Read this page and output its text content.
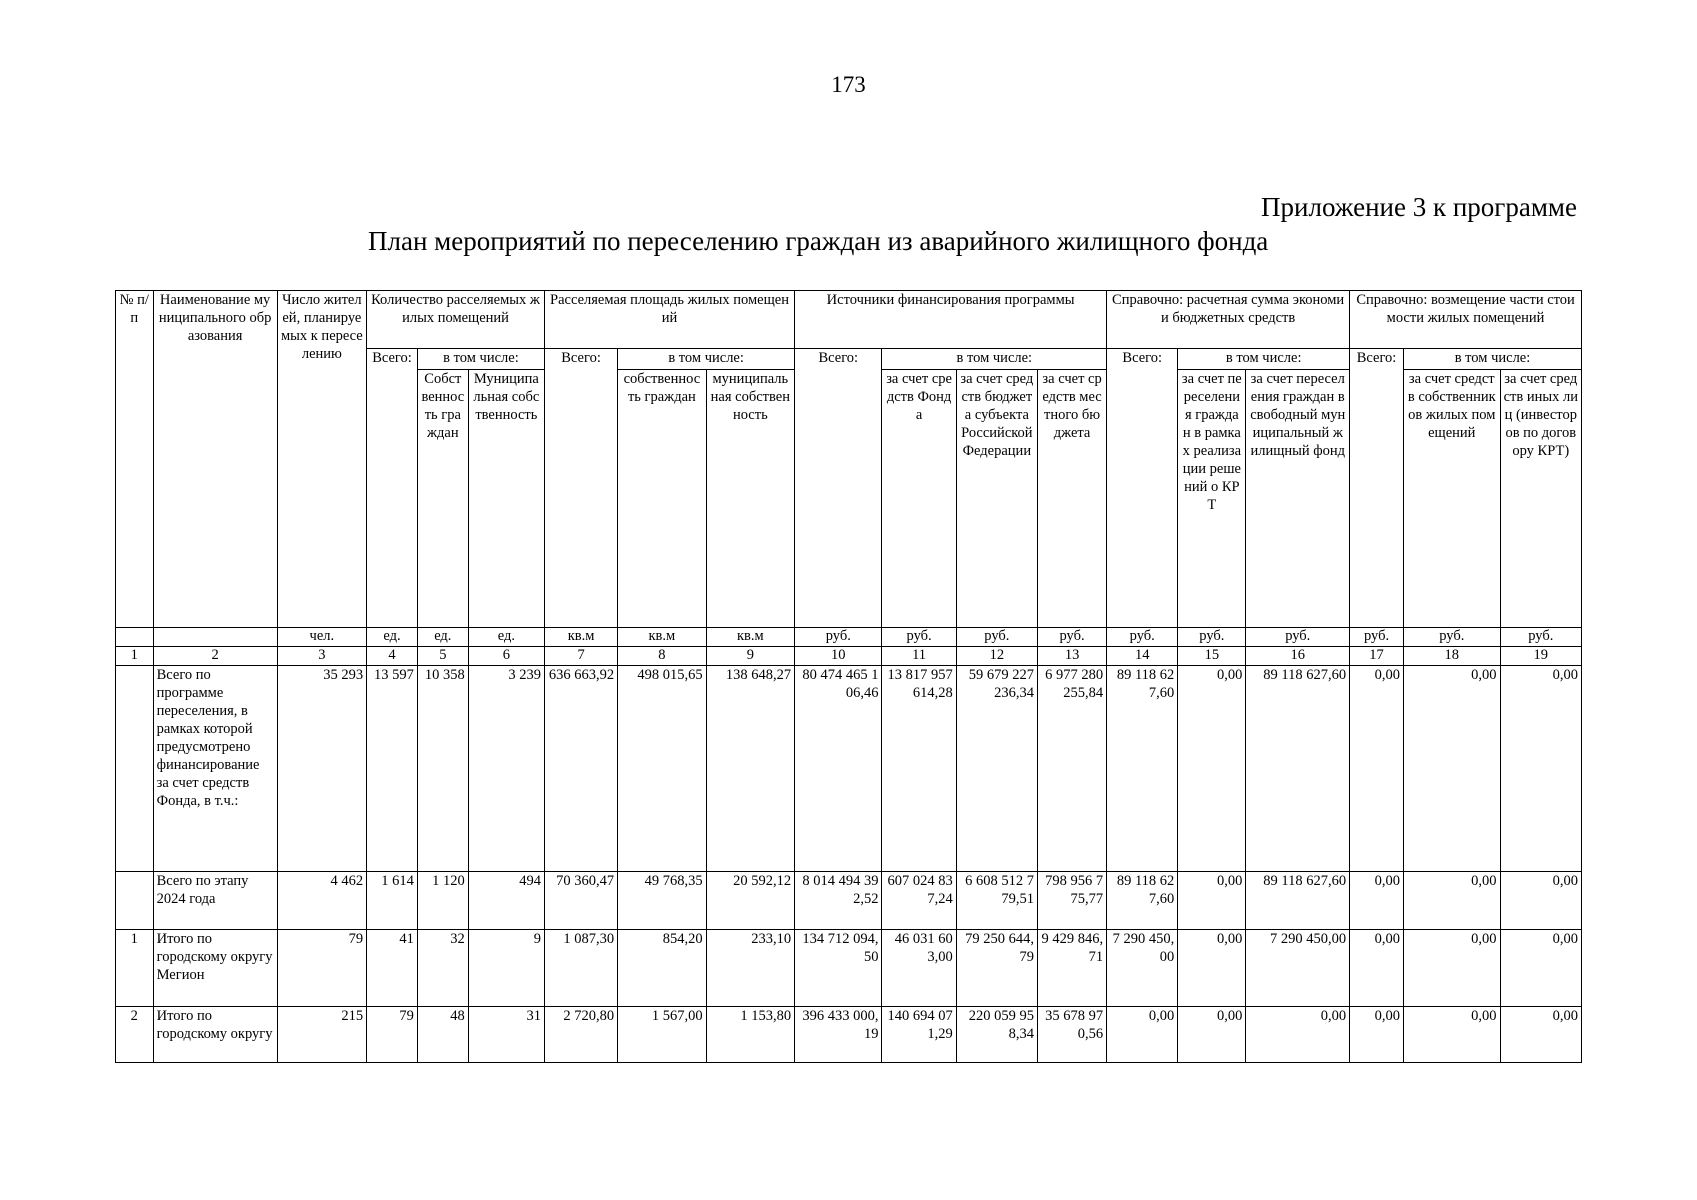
173
Приложение 3 к программе
План мероприятий по переселению граждан из аварийного жилищного фонда
№ п/п	Наименование муниципального образования	Число жителей, планируемых к переселению	Количество расселяемых жилых помещений			Расселяемая площадь жилых помещений			Источники финансирования программы				Справочно: расчетная сумма экономии бюджетных средств			Справочно: возмещение части стоимости жилых помещений		
			Всего:	в том числе:		Всего:	в том числе:		Всего:	в том числе:			Всего:	в том числе:		Всего:	в том числе:	
				Собственность граждан	Муниципальная собственность		собственность граждан	муниципальная собственность		за счет средств Фонда	за счет средств бюджета субъекта Российской Федерации	за счет средств местного бюджета		за счет переселения граждан в рамках реализации решений о КРТ	за счет переселения граждан в свободный муниципальный жилищный фонд		за счет средств собственников жилых помещений	за счет средств иных лиц (инвесторов по договору КРТ)
		чел.	ед.	ед.	ед.	кв.м	кв.м	кв.м	руб.	руб.	руб.	руб.	руб.	руб.	руб.	руб.	руб.	руб.
1	2	3	4	5	6	7	8	9	10	11	12	13	14	15	16	17	18	19
	Всего по программе переселения, в рамках которой предусмотрено финансирование за счет средств Фонда, в т.ч.:	35 293	13 597	10 358	3 239	636 663,92	498 015,65	138 648,27	80 474 465 106,46	13 817 957 614,28	59 679 227 236,34	6 977 280 255,84	89 118 627,60	0,00	89 118 627,60	0,00	0,00	0,00
	Всего по этапу 2024 года	4 462	1 614	1 120	494	70 360,47	49 768,35	20 592,12	8 014 494 392,52	607 024 837,24	6 608 512 779,51	798 956 775,77	89 118 627,60	0,00	89 118 627,60	0,00	0,00	0,00
1	Итого по городскому округу Мегион	79	41	32	9	1 087,30	854,20	233,10	134 712 094,50	46 031 603,00	79 250 644,79	9 429 846,71	7 290 450,00	0,00	7 290 450,00	0,00	0,00	0,00
2	Итого по городскому округу	215	79	48	31	2 720,80	1 567,00	1 153,80	396 433 000,19	140 694 071,29	220 059 958,34	35 678 970,56	0,00	0,00	0,00	0,00	0,00	0,00
